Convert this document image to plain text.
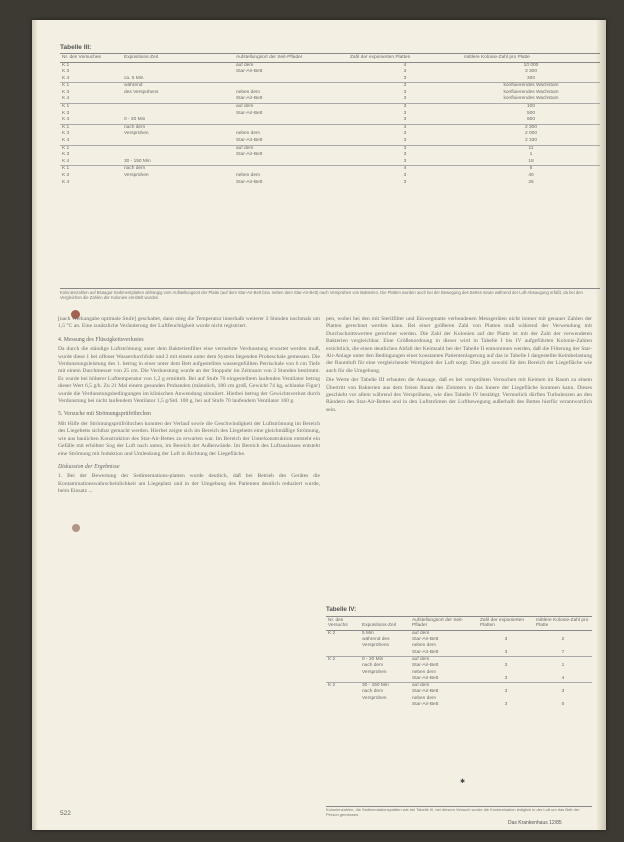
Tabelle III:
Nr. des Versuches	Expositions-Zeit	Aufstellungsort der Seit-Pflader	Zahl der exponierten Platten	mittlere Kolonie-Zahl pro Platte
K 1		auf dem	4	10 000
K 3		Star-Air-Bett	3	3 300
K 4	ca. 5 Min		3	300
K 1	während		3	konfluierendes Wachstum
K 3	des Verspühens	neben dem	3	konfluierendes Wachstum
K 4		Star-Air-Bett	3	konfluierendes Wachstum
K 1		auf dem	3	100
K 3		Star-Air-Bett	3	500
K 4	0 - 30 Min		3	600
K 1	nach dem		4	2 300
K 3	Versprühen	neben dem	3	2 000
K 4		Star-Air-Bett	3	2 330
K 1		auf dem	3	11
K 3		Star-Air-Bett	3	1
K 4	30 - 150 Min		3	18
K 1	nach dem		4	5
K 3	Versprühen	neben dem	3	40
K 4		Star-Air-Bett	3	25
Kolonienzahlen auf Blutagar-Sedimentplatten abhängig vom Aufstellungsort der Platte (auf dem Star-Air-Bett bzw. neben dem Star-Air-Bett) nach Versprühen von Bakterien. Die Platten wurden auch bei der Bewegung des Bettes sowie während der Luft-Absaugung erfaßt, da bei den Vergleichen die Zahlen der Kolonien ermittelt wurden.

[nach Werkangabe optimale Stufe] geschaltet, dann stieg die Temperatur innerhalb weiterer 3 Stunden nochmals um 1,5 °C an. Eine zusätzliche Veränderung der Luftfeuchtigkeit wurde nicht registriert.

4. Messung des Flüssigkeitsverlustes

Da durch die ständige Luftströmung unter dem Bakterienfilter eine vermehrte Verdunstung erwartet werden muß, wurde diese 1 bei offener Wasserdurchfuhr und 2 mit einem unter dem System liegenden Probeschale gemessen. Die Verdunstungsleistung des 1. betrug in einer unter dem Bett aufgestellten wassergefüllten Petrischale von 6 cm Tiefe mit einem Durchmesser von 25 cm. Die Verdunstung wurde an der Stoppuhr im Zeitraum von 2 Stunden bestimmt. Es wurde bei höherer Lufttemperatur von 1,2 g ermittelt. Bei auf Stufe 70 eingestelltem laufenden Ventilator betrug dieser Wert 6,5 g/h. Zu 21 Mal einem gesunden Probanden (männlich, 180 cm groß, Gewicht 74 kg, schlanke Figur) wurde die Verdunstungsbedingungen im klinischen Anwendung simuliert. Hierbei betrug der Gewichtsverlust durch Verdunstung bei nicht laufendem Ventilator 1,5 g/Std. 100 g, bei auf Stufe 70 laufendem Ventilator 160 g.

5. Versuche mit Strömungsprüfröhrchen

Mit Hilfe der Strömungsprüfröhrchen konnten der Verlauf sowie die Geschwindigkeit der Luftströmung im Bereich des Liegebetts sichtbar gemacht werden. Hierbei zeigte sich im Bereich des Liegebetts eine gleichmäßige Strömung, wie aus baulichen Konstruktion des Star-Air-Bettes zu erwarten war. Im Bereich der Unterkonstruktion entsteht ein Gefälle mit erhöhter Sog der Luft nach unten, im Bereich der Außenwände. Im Bereich des Luftauslasses entsteht eine Strömung mit Induktion und Umlenkung der Luft in Richtung der Liegefläche.

Diskussion der Ergebnisse

1. Bei der Bewertung der Sedimentations-platten wurde deutlich, daß bei Betrieb des Gerätes die Kontaminationswahrscheinlichkeit am Liegeplatz und in der Umgebung des Patienten deutlich reduziert wurde, beim Einsatz ...

pen, wobei bei den mit Sterilfilter und Einwegmatte verbundenen Messgeräten nicht immer mit genauer Zahlen der Platten gerechnet werden kann. Bei einer größeren Zahl von Platten muß während der Verwendung mit Durchschnittswerten gerechnet werden. Die Zahl der Kolonien auf der Platte ist mit der Zahl der verwendeten Bakterien vergleichbar. Eine Größenordnung in dieser wird in Tabelle I bis IV aufgeführten Kolonie-Zahlen ersichtlich, die einen deutlichen Abfall der Keimzahl bei der Tabelle II entnommen werden, daß die Filterung der Star-Air-Anlage unter den Bedingungen einer konstanten Patientenlagerung auf das in Tabelle I dargestellte Keimbelastung der Raumluft für eine vergleichende Wertigkeit der Luft sorgt. Dies gilt sowohl für den Bereich der Liegefläche wie auch für die Umgebung.

Die Werte der Tabelle III erbauten die Aussage, daß es bei versprühten Versuchen mit Keimen im Raum zu einem Übertritt von Bakterien aus dem freien Raum des Zimmers in das Innere der Liegefläche kommen kann. Dieses geschieht vor allem während des Versprühens, wie dies Tabelle IV bestätigt. Vermutlich dürften Turbulenzen an den Rändern des Star-Air-Bettes und in den Luftströmen der Luftbewegung außerhalb des Bettes hierfür verantwortlich sein.

Tabelle IV:
Nr. des Versuchs	Expositions-Zeit	Aufstellungsort der Seit-Pflader	Zahl der exponierten Platten	mittlere Kolonie-Zahl pro Platte
K 2	5 Min	auf dem		
	während des	Star-Air-Bett	3	2
	Versprühens	neben dem		
		Star-Air-Bett	3	7
K 2	0 - 30 Min	auf dem		
	nach dem	Star-Air-Bett	3	1
	Versprühen	neben dem		
		Star-Air-Bett	3	4
K 2	30 - 150 Min	auf dem		
	nach dem	Star-Air-Bett	3	3
	Versprühen	neben dem		
		Star-Air-Bett	3	0
Kolonienzahlen, die Sedimentationsplatten wie bei Tabelle III, bei diesem Versuch wurde die Kontamination lediglich in der Luft um das Bett der Person gemessen.
✱
522
Das Krankenhaus 12/85
